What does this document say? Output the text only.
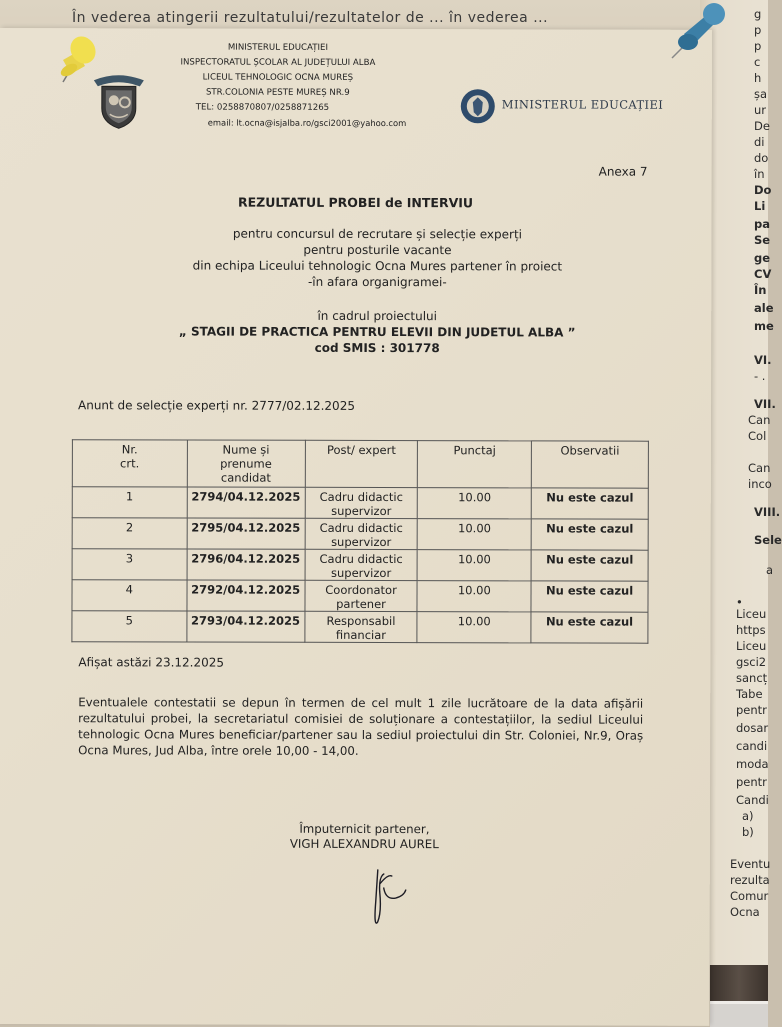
În vederea atingerii rezultatului/rezultatelor de ... în vederea ...	g
p
p
c
h
șa
ur
De
di
do
în
Do
Li
pa
Se
ge
CV
În
ale
me
VI.
- .
VII.
Can
Col
Can
inco
VIII.
Sele
a
•
Liceu
https
Liceu
gsci2
sancț
Tabe
pentr
dosar
candi
moda
pentr
Candi
a)
b)
Eventu
rezulta
Comur
Ocna
MINISTERUL EDUCAȚIEI
INSPECTORATUL ȘCOLAR AL JUDEȚULUI ALBA
LICEUL TEHNOLOGIC OCNA MUREȘ
STR.COLONIA PESTE MUREȘ NR.9
TEL: 0258870807/0258871265
email: lt.ocna@isjalba.ro/gsci2001@yahoo.com
MINISTERUL EDUCAȚIEI
Anexa 7
REZULTATUL PROBEI de INTERVIU
pentru concursul de recrutare și selecție experți
pentru posturile vacante
din echipa Liceului tehnologic Ocna Mures partener în proiect
-în afara organigramei-
în cadrul proiectului
„ STAGII DE PRACTICA PENTRU ELEVII DIN JUDETUL ALBA ”
cod SMIS : 301778
Anunt de selecție experți nr. 2777/02.12.2025
Nr.
crt.	Nume și
prenume
candidat	Post/ expert	Punctaj	Observatii
1	2794/04.12.2025	Cadru didactic supervizor	10.00	Nu este cazul
2	2795/04.12.2025	Cadru didactic supervizor	10.00	Nu este cazul
3	2796/04.12.2025	Cadru didactic supervizor	10.00	Nu este cazul
4	2792/04.12.2025	Coordonator partener	10.00	Nu este cazul
5	2793/04.12.2025	Responsabil financiar	10.00	Nu este cazul
Afișat astăzi 23.12.2025
Eventualele contestatii se depun în termen de cel mult 1 zile lucrătoare de la data afișării rezultatului probei, la secretariatul comisiei de soluționare a contestațiilor, la sediul Liceului tehnologic Ocna Mures beneficiar/partener sau la sediul proiectului din Str. Coloniei, Nr.9, Oraș Ocna Mures, Jud Alba, între orele 10,00 - 14,00.
Împuternicit partener,
VIGH ALEXANDRU AUREL
